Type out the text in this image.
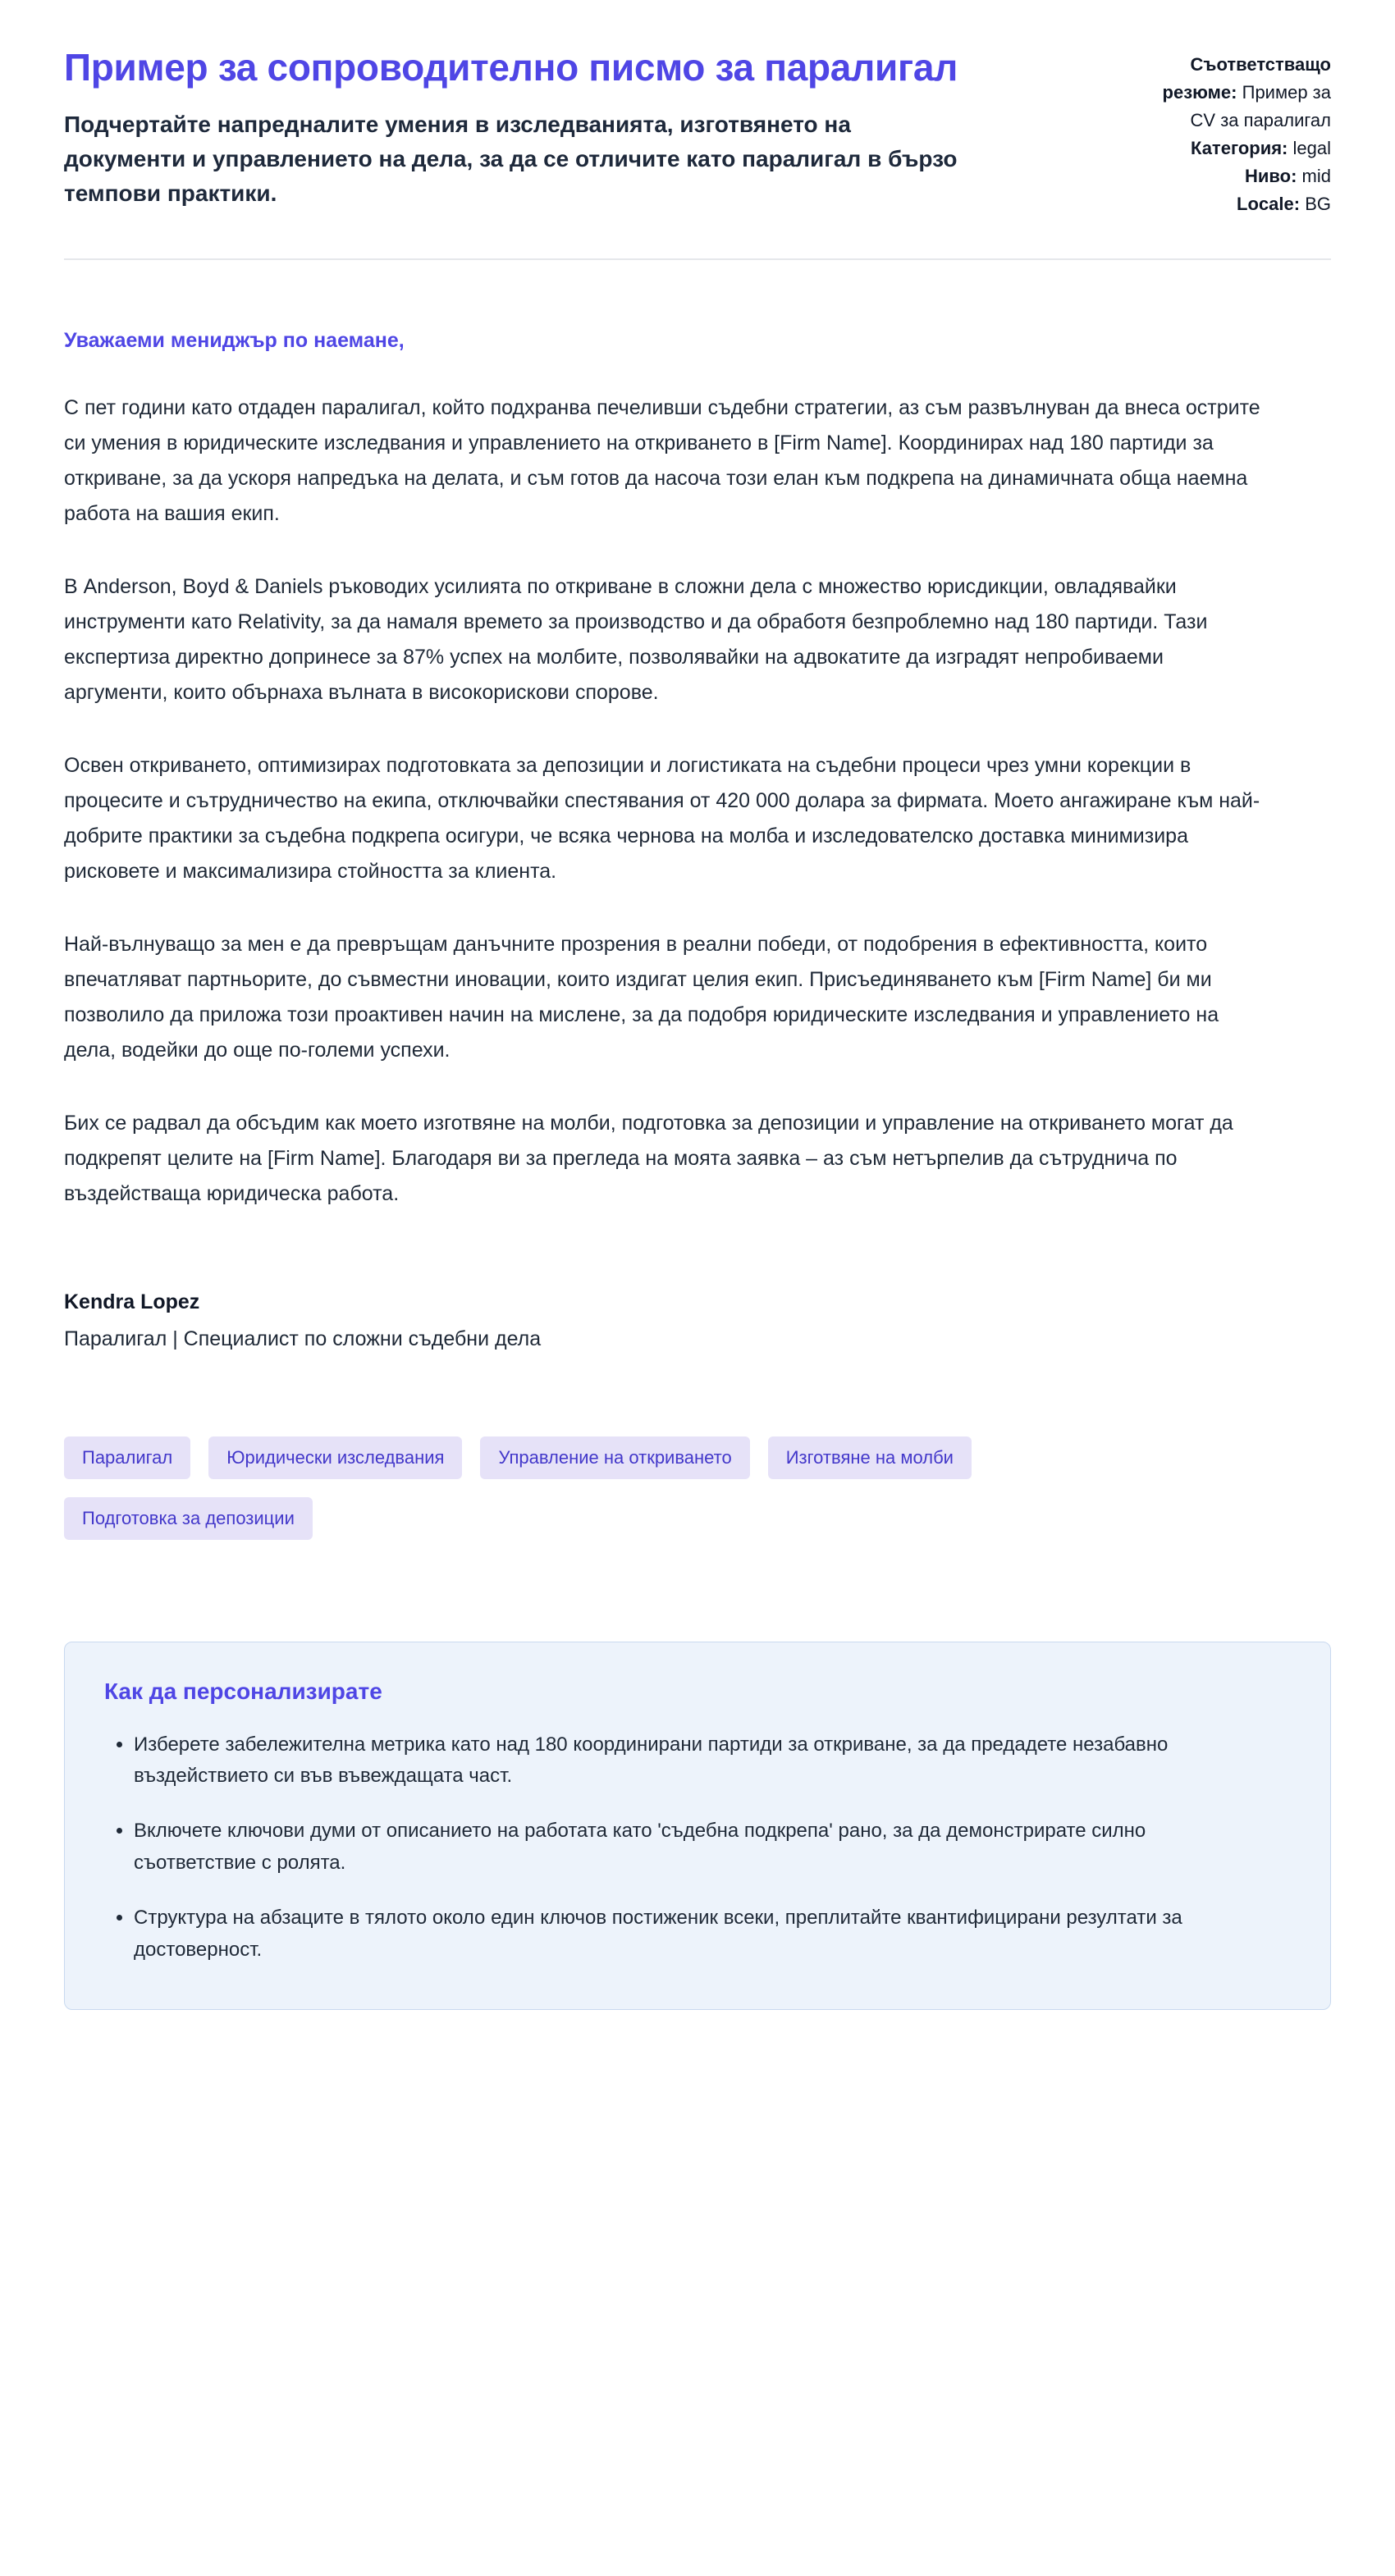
Пример за сопроводително писмо за паралигал

Подчертайте напредналите умения в изследванията, изготвянето на документи и управлението на дела, за да се отличите като паралигал в бързо темпови практики.

Съответстващо резюме: Пример за CV за паралигал
Категория: legal
Ниво: mid
Locale: BG

Уважаеми мениджър по наемане,

С пет години като отдаден паралигал, който подхранва печеливши съдебни стратегии, аз съм развълнуван да внеса острите си умения в юридическите изследвания и управлението на откриването в [Firm Name]. Координирах над 180 партиди за откриване, за да ускоря напредъка на делата, и съм готов да насоча този елан към подкрепа на динамичната обща наемна работа на вашия екип.

В Anderson, Boyd & Daniels ръководих усилията по откриване в сложни дела с множество юрисдикции, овладявайки инструменти като Relativity, за да намаля времето за производство и да обработя безпроблемно над 180 партиди. Тази експертиза директно допринесе за 87% успех на молбите, позволявайки на адвокатите да изградят непробиваеми аргументи, които обърнаха вълната в високорискови спорове.

Освен откриването, оптимизирах подготовката за депозиции и логистиката на съдебни процеси чрез умни корекции в процесите и сътрудничество на екипа, отключвайки спестявания от 420 000 долара за фирмата. Моето ангажиране към най-добрите практики за съдебна подкрепа осигури, че всяка чернова на молба и изследователско доставка минимизира рисковете и максимализира стойността за клиента.

Най-вълнуващо за мен е да превръщам данъчните прозрения в реални победи, от подобрения в ефективността, които впечатляват партньорите, до съвместни иновации, които издигат целия екип. Присъединяването към [Firm Name] би ми позволило да приложа този проактивен начин на мислене, за да подобря юридическите изследвания и управлението на дела, водейки до още по-големи успехи.

Бих се радвал да обсъдим как моето изготвяне на молби, подготовка за депозиции и управление на откриването могат да подкрепят целите на [Firm Name]. Благодаря ви за прегледа на моята заявка – аз съм нетърпелив да сътруднича по въздействаща юридическа работа.

Kendra Lopez
Паралигал | Специалист по сложни съдебни дела
Паралигал	Юридически изследвания	Управление на откриването	Изготвяне на молби
Подготовка за депозиции
Как да персонализирате
• Изберете забележителна метрика като над 180 координирани партиди за откриване, за да предадете незабавно въздействието си във въвеждащата част.
• Включете ключови думи от описанието на работата като 'съдебна подкрепа' рано, за да демонстрирате силно съответствие с ролята.
• Структура на абзаците в тялото около един ключов постиженик всеки, преплитайте квантифицирани резултати за достоверност.
